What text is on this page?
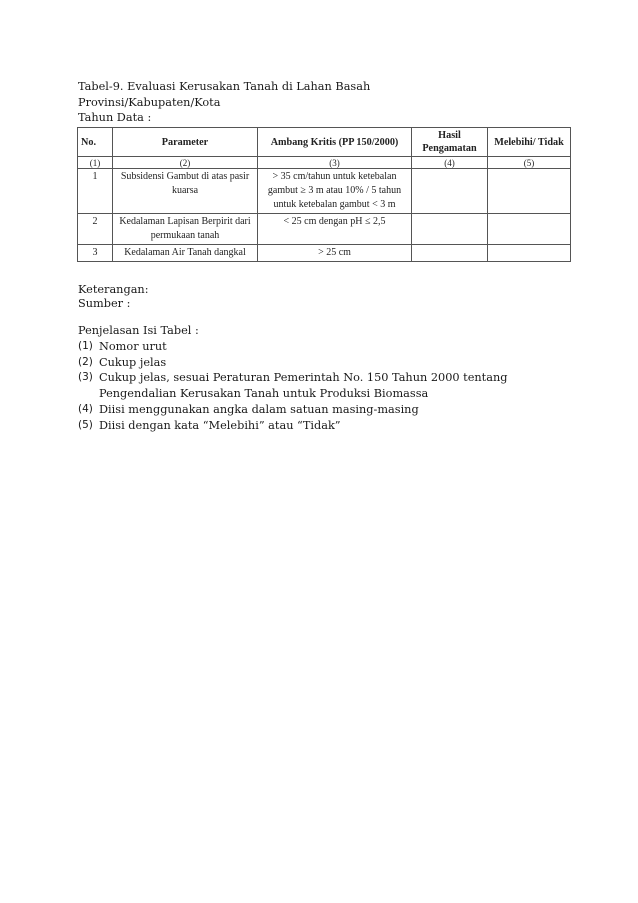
Tabel-9. Evaluasi Kerusakan Tanah di Lahan Basah
Provinsi/Kabupaten/Kota
Tahun Data :
No.	Parameter	Ambang Kritis (PP 150/2000)	Hasil Pengamatan	Melebihi/ Tidak
(1)	(2)	(3)	(4)	(5)
1	Subsidensi Gambut di atas pasir kuarsa	> 35 cm/tahun untuk ketebalan gambut ≥ 3 m atau 10% / 5 tahun untuk ketebalan gambut < 3 m		
2	Kedalaman Lapisan Berpirit dari permukaan tanah	< 25 cm dengan pH ≤ 2,5		
3	Kedalaman Air Tanah dangkal	> 25 cm		
Keterangan:
Sumber :
Penjelasan Isi Tabel :
(1) Nomor urut
(2) Cukup jelas
(3) Cukup jelas, sesuai Peraturan Pemerintah No. 150 Tahun 2000 tentang Pengendalian Kerusakan Tanah untuk Produksi Biomassa
(4) Diisi menggunakan angka dalam satuan masing-masing
(5) Diisi dengan kata “Melebihi” atau “Tidak”
